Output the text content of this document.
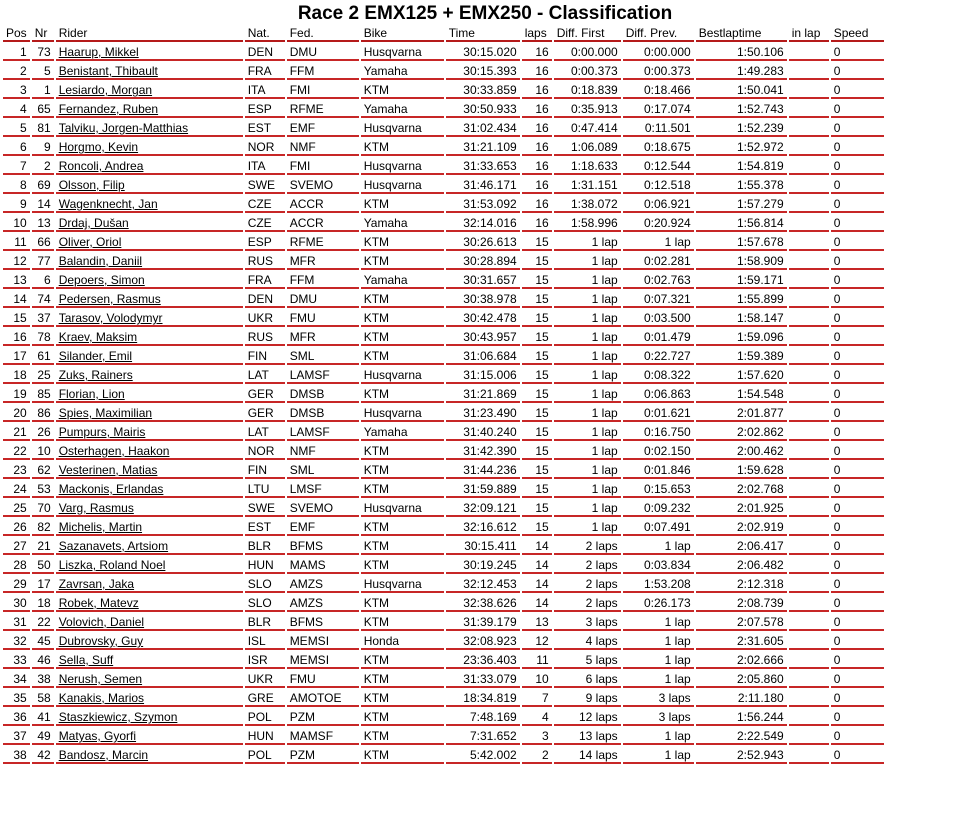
Race 2 EMX125 + EMX250 - Classification
Pos	Nr	Rider	Nat.	Fed.	Bike	Time	laps	Diff. First	Diff. Prev.	Bestlaptime	in lap	Speed
1	73	Haarup, Mikkel	DEN	DMU	Husqvarna	30:15.020	16	0:00.000	0:00.000	1:50.106		0
2	5	Benistant, Thibault	FRA	FFM	Yamaha	30:15.393	16	0:00.373	0:00.373	1:49.283		0
3	1	Lesiardo, Morgan	ITA	FMI	KTM	30:33.859	16	0:18.839	0:18.466	1:50.041		0
4	65	Fernandez, Ruben	ESP	RFME	Yamaha	30:50.933	16	0:35.913	0:17.074	1:52.743		0
5	81	Talviku, Jorgen-Matthias	EST	EMF	Husqvarna	31:02.434	16	0:47.414	0:11.501	1:52.239		0
6	9	Horgmo, Kevin	NOR	NMF	KTM	31:21.109	16	1:06.089	0:18.675	1:52.972		0
7	2	Roncoli, Andrea	ITA	FMI	Husqvarna	31:33.653	16	1:18.633	0:12.544	1:54.819		0
8	69	Olsson, Filip	SWE	SVEMO	Husqvarna	31:46.171	16	1:31.151	0:12.518	1:55.378		0
9	14	Wagenknecht, Jan	CZE	ACCR	KTM	31:53.092	16	1:38.072	0:06.921	1:57.279		0
10	13	Drdaj, Dušan	CZE	ACCR	Yamaha	32:14.016	16	1:58.996	0:20.924	1:56.814		0
11	66	Oliver, Oriol	ESP	RFME	KTM	30:26.613	15	1 lap	1 lap	1:57.678		0
12	77	Balandin, Daniil	RUS	MFR	KTM	30:28.894	15	1 lap	0:02.281	1:58.909		0
13	6	Depoers, Simon	FRA	FFM	Yamaha	30:31.657	15	1 lap	0:02.763	1:59.171		0
14	74	Pedersen, Rasmus	DEN	DMU	KTM	30:38.978	15	1 lap	0:07.321	1:55.899		0
15	37	Tarasov, Volodymyr	UKR	FMU	KTM	30:42.478	15	1 lap	0:03.500	1:58.147		0
16	78	Kraev, Maksim	RUS	MFR	KTM	30:43.957	15	1 lap	0:01.479	1:59.096		0
17	61	Silander, Emil	FIN	SML	KTM	31:06.684	15	1 lap	0:22.727	1:59.389		0
18	25	Zuks, Rainers	LAT	LAMSF	Husqvarna	31:15.006	15	1 lap	0:08.322	1:57.620		0
19	85	Florian, Lion	GER	DMSB	KTM	31:21.869	15	1 lap	0:06.863	1:54.548		0
20	86	Spies, Maximilian	GER	DMSB	Husqvarna	31:23.490	15	1 lap	0:01.621	2:01.877		0
21	26	Pumpurs, Mairis	LAT	LAMSF	Yamaha	31:40.240	15	1 lap	0:16.750	2:02.862		0
22	10	Osterhagen, Haakon	NOR	NMF	KTM	31:42.390	15	1 lap	0:02.150	2:00.462		0
23	62	Vesterinen, Matias	FIN	SML	KTM	31:44.236	15	1 lap	0:01.846	1:59.628		0
24	53	Mackonis, Erlandas	LTU	LMSF	KTM	31:59.889	15	1 lap	0:15.653	2:02.768		0
25	70	Varg, Rasmus	SWE	SVEMO	Husqvarna	32:09.121	15	1 lap	0:09.232	2:01.925		0
26	82	Michelis, Martin	EST	EMF	KTM	32:16.612	15	1 lap	0:07.491	2:02.919		0
27	21	Sazanavets, Artsiom	BLR	BFMS	KTM	30:15.411	14	2 laps	1 lap	2:06.417		0
28	50	Liszka, Roland Noel	HUN	MAMS	KTM	30:19.245	14	2 laps	0:03.834	2:06.482		0
29	17	Zavrsan, Jaka	SLO	AMZS	Husqvarna	32:12.453	14	2 laps	1:53.208	2:12.318		0
30	18	Robek, Matevz	SLO	AMZS	KTM	32:38.626	14	2 laps	0:26.173	2:08.739		0
31	22	Volovich, Daniel	BLR	BFMS	KTM	31:39.179	13	3 laps	1 lap	2:07.578		0
32	45	Dubrovsky, Guy	ISL	MEMSI	Honda	32:08.923	12	4 laps	1 lap	2:31.605		0
33	46	Sella, Suff	ISR	MEMSI	KTM	23:36.403	11	5 laps	1 lap	2:02.666		0
34	38	Nerush, Semen	UKR	FMU	KTM	31:33.079	10	6 laps	1 lap	2:05.860		0
35	58	Kanakis, Marios	GRE	AMOTOE	KTM	18:34.819	7	9 laps	3 laps	2:11.180		0
36	41	Staszkiewicz, Szymon	POL	PZM	KTM	7:48.169	4	12 laps	3 laps	1:56.244		0
37	49	Matyas, Gyorfi	HUN	MAMSF	KTM	7:31.652	3	13 laps	1 lap	2:22.549		0
38	42	Bandosz, Marcin	POL	PZM	KTM	5:42.002	2	14 laps	1 lap	2:52.943		0
